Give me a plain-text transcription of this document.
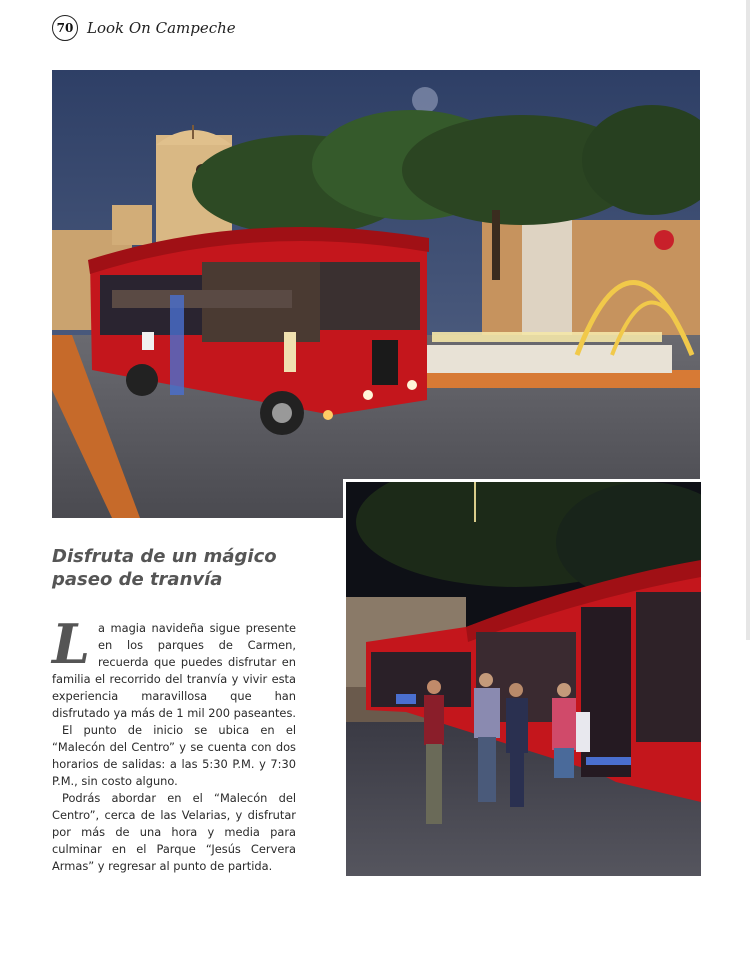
70 Look On Campeche
Disfruta de un mágico paseo de tranvía

La magia navideña sigue presente en los parques de Carmen, recuerda que puedes disfrutar en familia el recorrido del tranvía y vivir esta experiencia maravillosa que han disfrutado ya más de 1 mil 200 paseantes.

El punto de inicio se ubica en el “Malecón del Centro” y se cuenta con dos horarios de salidas: a las 5:30 P.M. y 7:30 P.M., sin costo alguno.

Podrás abordar en el “Malecón del Centro”, cerca de las Velarias, y disfrutar por más de una hora y media para culminar en el Parque “Jesús Cervera Armas” y regresar al punto de partida.
